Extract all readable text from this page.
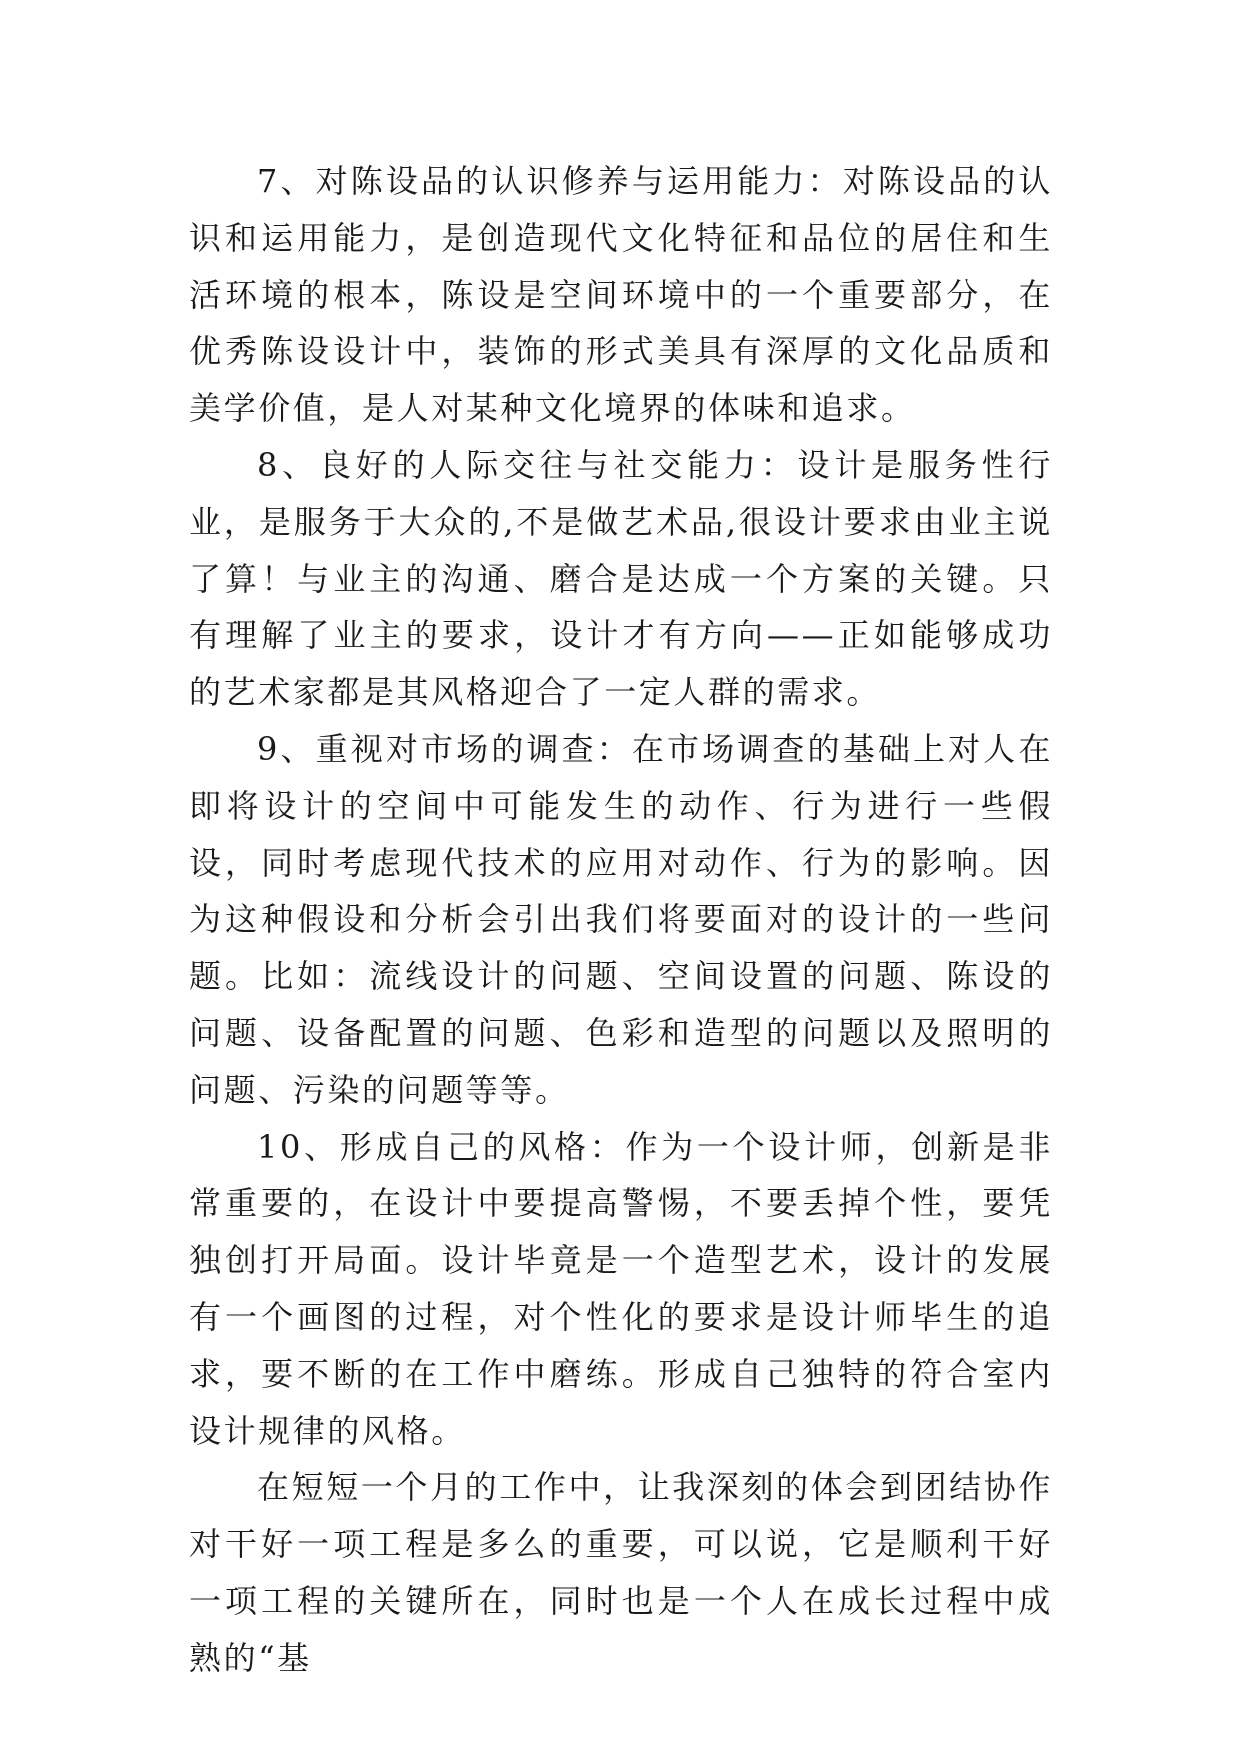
7、对陈设品的认识修养与运用能力：对陈设品的认识和运用能力，是创造现代文化特征和品位的居住和生活环境的根本，陈设是空间环境中的一个重要部分，在优秀陈设设计中，装饰的形式美具有深厚的文化品质和美学价值，是人对某种文化境界的体味和追求。

8、良好的人际交往与社交能力：设计是服务性行业，是服务于大众的,不是做艺术品,很设计要求由业主说了算！与业主的沟通、磨合是达成一个方案的关键。只有理解了业主的要求，设计才有方向——正如能够成功的艺术家都是其风格迎合了一定人群的需求。

9、重视对市场的调查：在市场调查的基础上对人在即将设计的空间中可能发生的动作、行为进行一些假设，同时考虑现代技术的应用对动作、行为的影响。因为这种假设和分析会引出我们将要面对的设计的一些问题。比如：流线设计的问题、空间设置的问题、陈设的问题、设备配置的问题、色彩和造型的问题以及照明的问题、污染的问题等等。

10、形成自己的风格：作为一个设计师，创新是非常重要的，在设计中要提高警惕，不要丢掉个性，要凭独创打开局面。设计毕竟是一个造型艺术，设计的发展有一个画图的过程，对个性化的要求是设计师毕生的追求，要不断的在工作中磨练。形成自己独特的符合室内设计规律的风格。

在短短一个月的工作中，让我深刻的体会到团结协作对干好一项工程是多么的重要，可以说，它是顺利干好一项工程的关键所在，同时也是一个人在成长过程中成熟的“基
